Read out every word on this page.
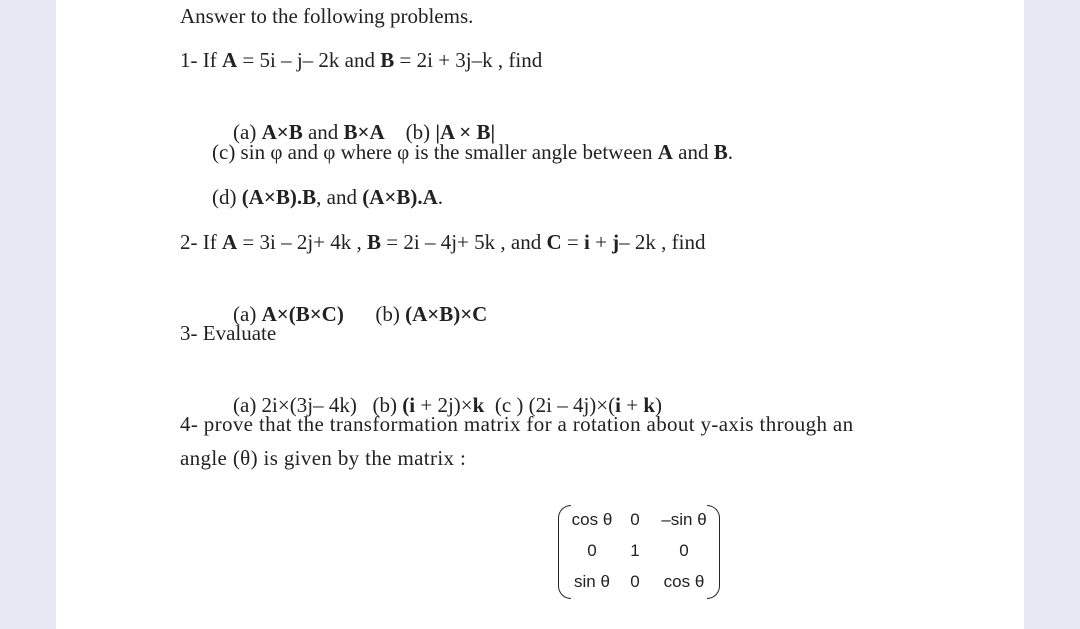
Answer to the following problems.
1- If A = 5i – j– 2k and B = 2i + 3j–k , find

(a) A×B and B×A    (b) |A × B|

(c) sin φ and φ where φ is the smaller angle between A and B.
(d) (A×B).B, and (A×B).A.
2- If A = 3i – 2j+ 4k , B = 2i – 4j+ 5k , and C = i + j– 2k , find

(a) A×(B×C)      (b) (A×B)×C

3- Evaluate

(a) 2i×(3j– 4k)   (b) (i + 2j)×k  (c ) (2i – 4j)×(i + k)

4- prove that the transformation matrix for a rotation about y-axis through an
angle (θ) is given by the matrix :
cos θ	0	–sin θ
0	1	0
sin θ	0	cos θ
